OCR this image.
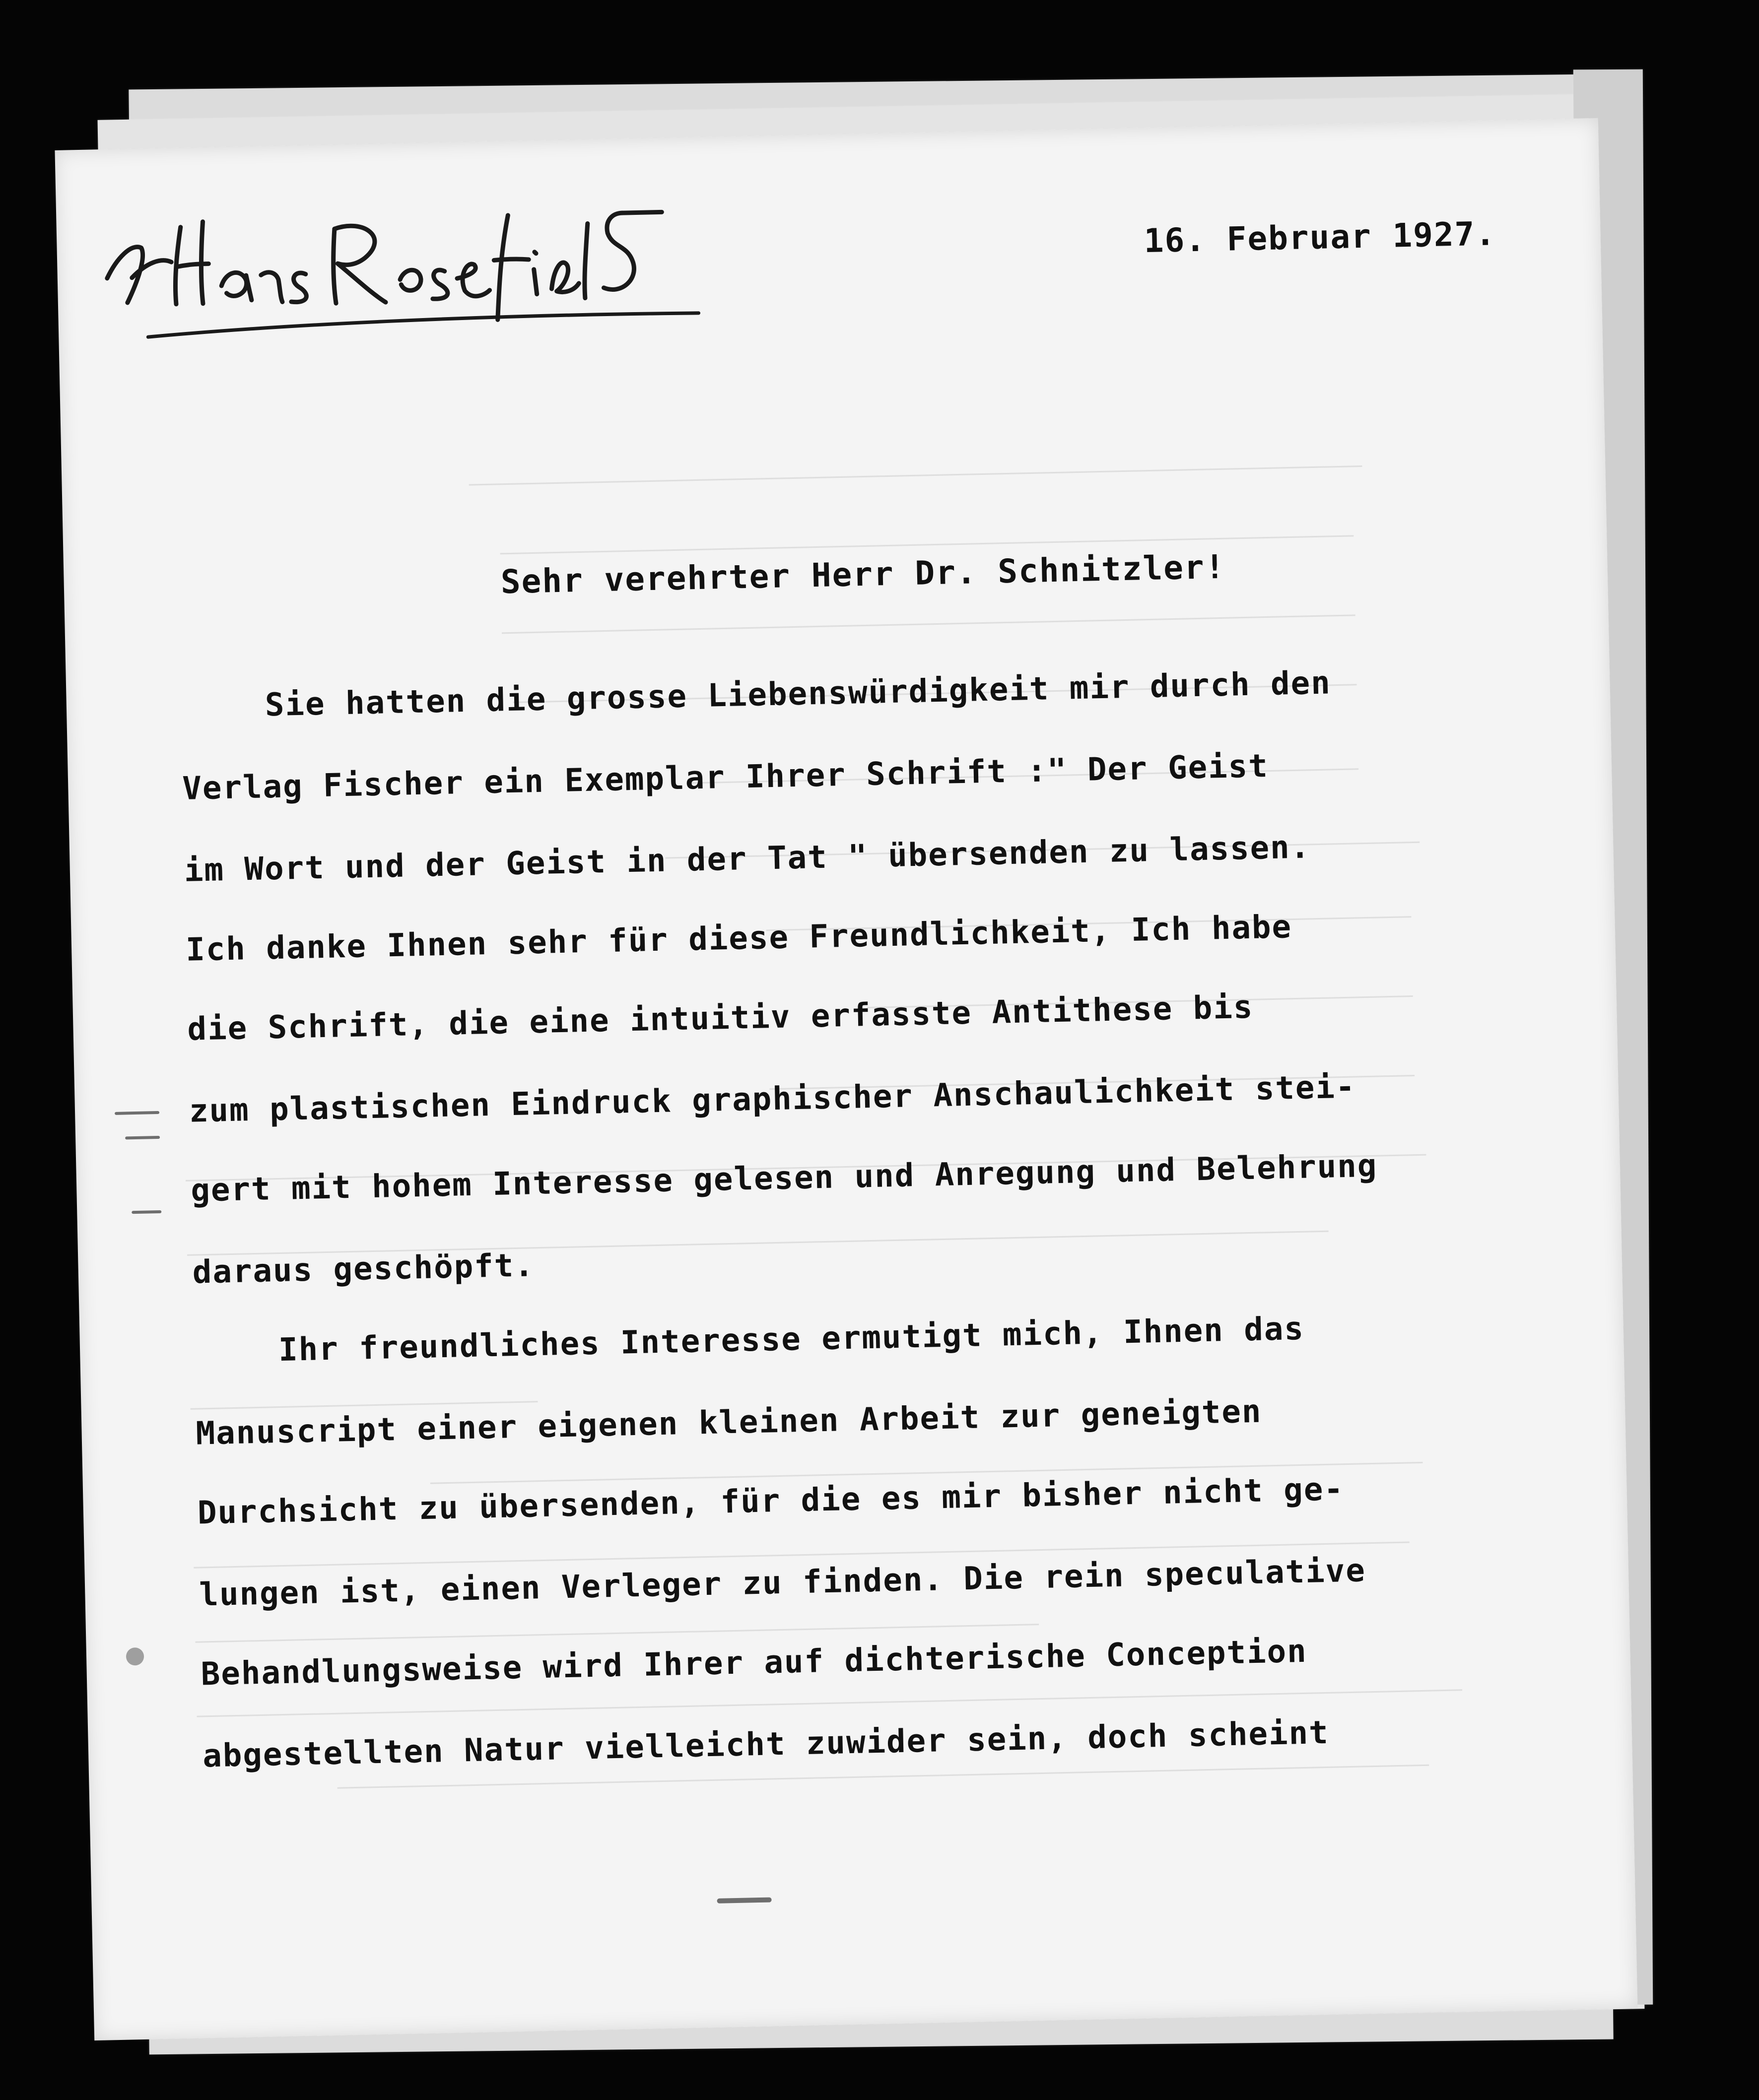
16. Februar 1927.
Sehr verehrter Herr Dr. Schnitzler!
Sie hatten die grosse Liebenswürdigkeit mir durch den
Verlag Fischer ein Exemplar Ihrer Schrift :" Der Geist
im Wort und der Geist in der Tat " übersenden zu lassen.
Ich danke Ihnen sehr für diese Freundlichkeit, Ich habe
die Schrift, die eine intuitiv erfasste Antithese bis
zum plastischen Eindruck graphischer Anschaulichkeit stei-
gert mit hohem Interesse gelesen und Anregung und Belehrung
daraus geschöpft.
Ihr freundliches Interesse ermutigt mich, Ihnen das
Manuscript einer eigenen kleinen Arbeit zur geneigten
Durchsicht zu übersenden, für die es mir bisher nicht ge-
lungen ist, einen Verleger zu finden. Die rein speculative
Behandlungsweise wird Ihrer auf dichterische Conception
abgestellten Natur vielleicht zuwider sein, doch scheint
